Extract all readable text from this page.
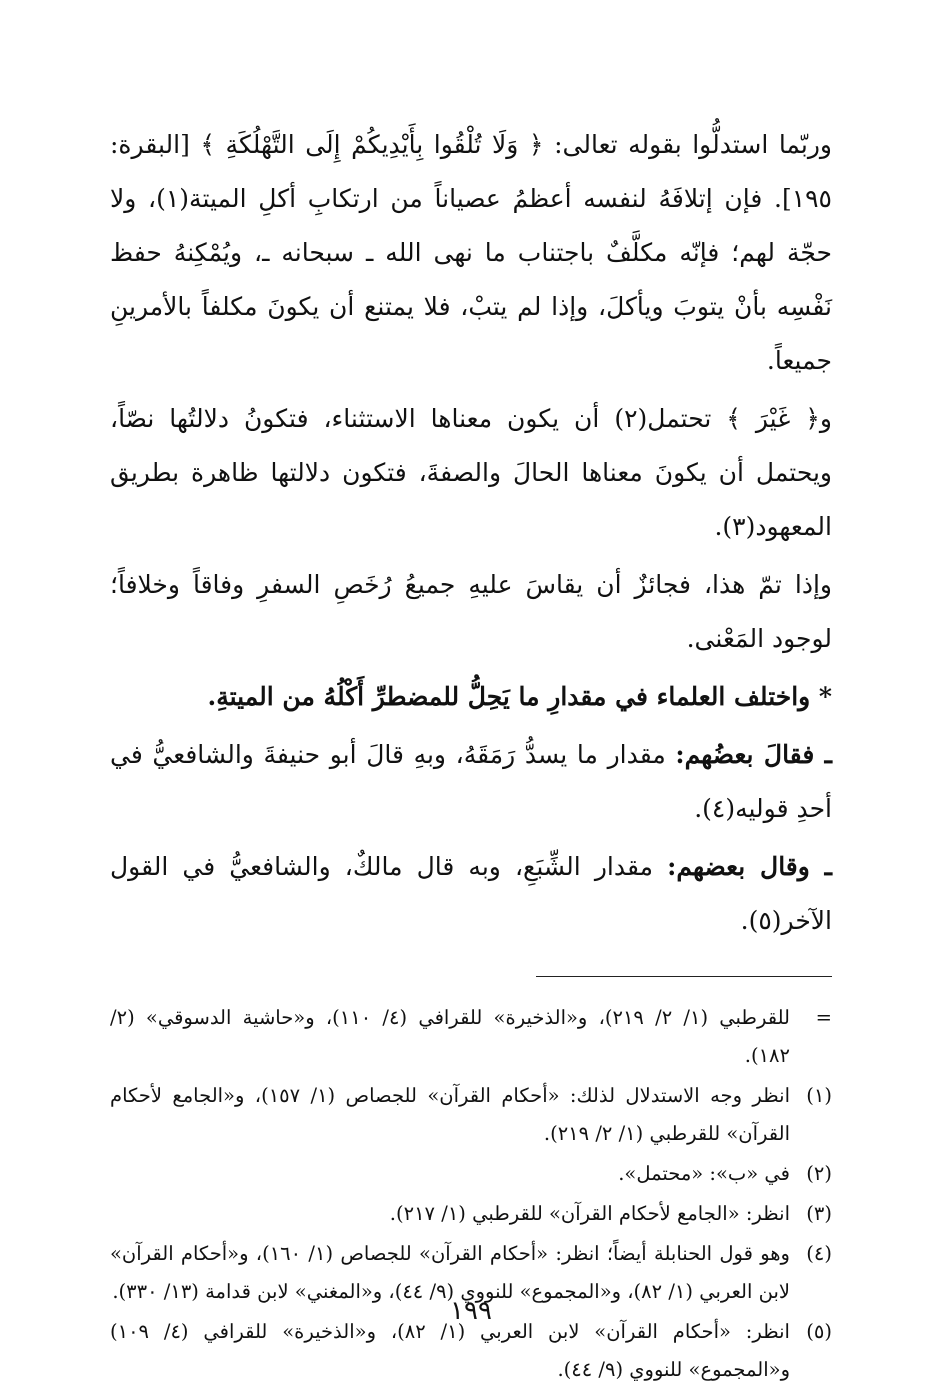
وربّما استدلُّوا بقوله تعالى: ﴿ وَلَا تُلْقُوا بِأَيْدِيكُمْ إِلَى التَّهْلُكَةِ ﴾ [البقرة: ١٩٥]. فإن إتلافَهُ لنفسه أعظمُ عصياناً من ارتكابِ أكلِ الميتة(١)، ولا حجّة لهم؛ فإنّه مكلَّفٌ باجتناب ما نهى الله ـ سبحانه ـ، ويُمْكِنهُ حفظ نَفْسِه بأنْ يتوبَ ويأكلَ، وإذا لم يتبْ، فلا يمتنع أن يكونَ مكلفاً بالأمرينِ جميعاً.

و﴿ غَيْرَ ﴾ تحتمل(٢) أن يكون معناها الاستثناء، فتكونُ دلالتُها نصّاً، ويحتمل أن يكونَ معناها الحالَ والصفةَ، فتكون دلالتها ظاهرة بطريق المعهود(٣).

وإذا تمّ هذا، فجائزٌ أن يقاسَ عليهِ جميعُ رُخَصِ السفرِ وفاقاً وخلافاً؛ لوجود المَعْنى.

* واختلف العلماء في مقدارِ ما يَحِلُّ للمضطرِّ أَكْلُهُ من الميتةِ.

ـ فقالَ بعضُهم: مقدار ما يسدُّ رَمَقَهُ، وبهِ قالَ أبو حنيفةَ والشافعيُّ في أحدِ قوليه(٤).

ـ وقال بعضهم: مقدار الشِّبَعِ، وبه قال مالكٌ، والشافعيُّ في القول الآخر(٥).

=
للقرطبي (١/ ٢/ ٢١٩)، و«الذخيرة» للقرافي (٤/ ١١٠)، و«حاشية الدسوقي» (٢/ ١٨٢).
(١)
انظر وجه الاستدلال لذلك: «أحكام القرآن» للجصاص (١/ ١٥٧)، و«الجامع لأحكام القرآن» للقرطبي (١/ ٢/ ٢١٩).
(٢)
في «ب»: «محتمل».
(٣)
انظر: «الجامع لأحكام القرآن» للقرطبي (١/ ٢١٧).
(٤)
وهو قول الحنابلة أيضاً؛ انظر: «أحكام القرآن» للجصاص (١/ ١٦٠)، و«أحكام القرآن» لابن العربي (١/ ٨٢)، و«المجموع» للنووي (٩/ ٤٤)، و«المغني» لابن قدامة (١٣/ ٣٣٠).
(٥)
انظر: «أحكام القرآن» لابن العربي (١/ ٨٢)، و«الذخيرة» للقرافي (٤/ ١٠٩) و«المجموع» للنووي (٩/ ٤٤).
١٩٩
